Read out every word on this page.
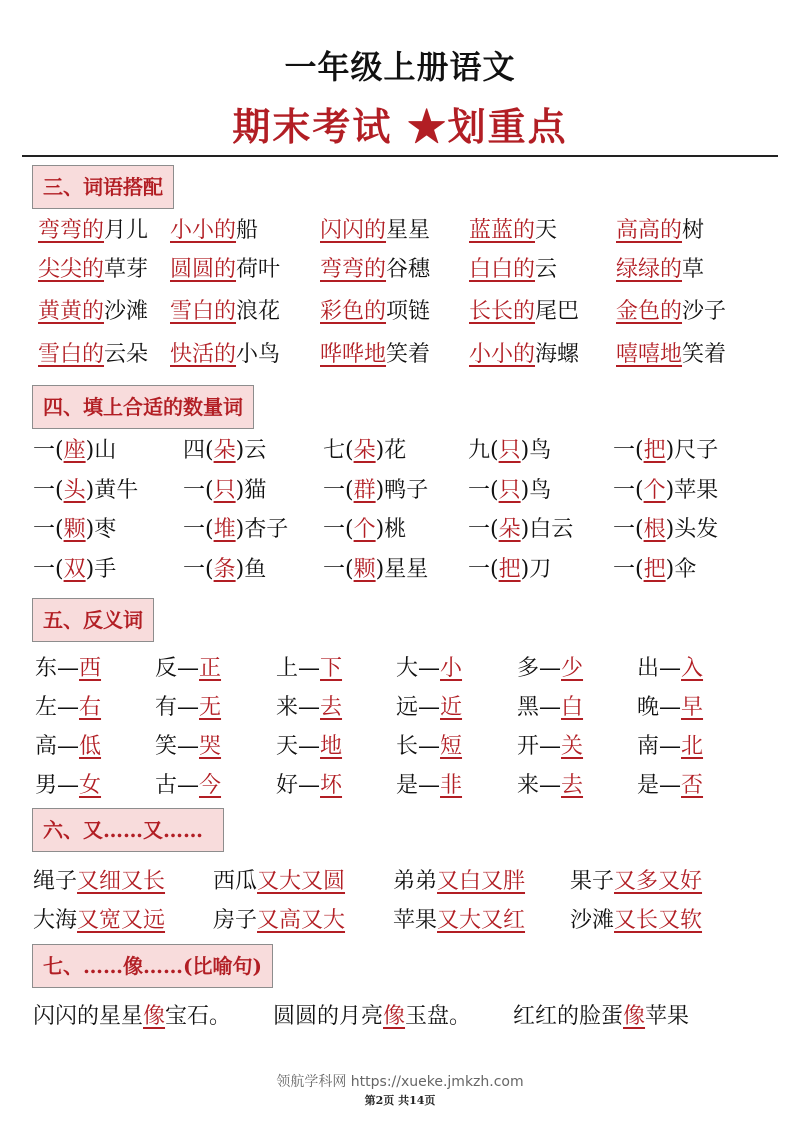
一年级上册语文
期末考试 ★划重点
三、词语搭配
弯弯的月儿 小小的船	闪闪的星星 蓝蓝的天	高高的树
尖尖的草芽 圆圆的荷叶 弯弯的谷穗 白白的云	绿绿的草
黄黄的沙滩 雪白的浪花 彩色的项链 长长的尾巴 金色的沙子
雪白的云朵 快活的小鸟 哗哗地笑着 小小的海螺 嘻嘻地笑着
四、填上合适的数量词
一(座)山	四(朵)云	七(朵)花	九(只)鸟	一(把)尺子
一(头)黄牛 一(只)猫	一(群)鸭子 一(只)鸟	一(个)苹果
一(颗)枣	一(堆)杏子 一(个)桃	一(朵)白云 一(根)头发
一(双)手	一(条)鱼	一(颗)星星 一(把)刀	一(把)伞
五、反义词
东—西 反—正 上—下 大—小 多—少 出—入
左—右 有—无 来—去 远—近 黑—白 晚—早
高—低 笑—哭 天—地 长—短 开—关 南—北
男—女 古—今 好—坏 是—非 来—去 是—否
六、又……又……
绳子又细又长 西瓜又大又圆 弟弟又白又胖 果子又多又好
大海又宽又远 房子又高又大 苹果又大又红 沙滩又长又软
七、……像……(比喻句)
闪闪的星星像宝石。 圆圆的月亮像玉盘。 红红的脸蛋像苹果
领航学科网 https://xueke.jmkzh.com
第2页 共14页
